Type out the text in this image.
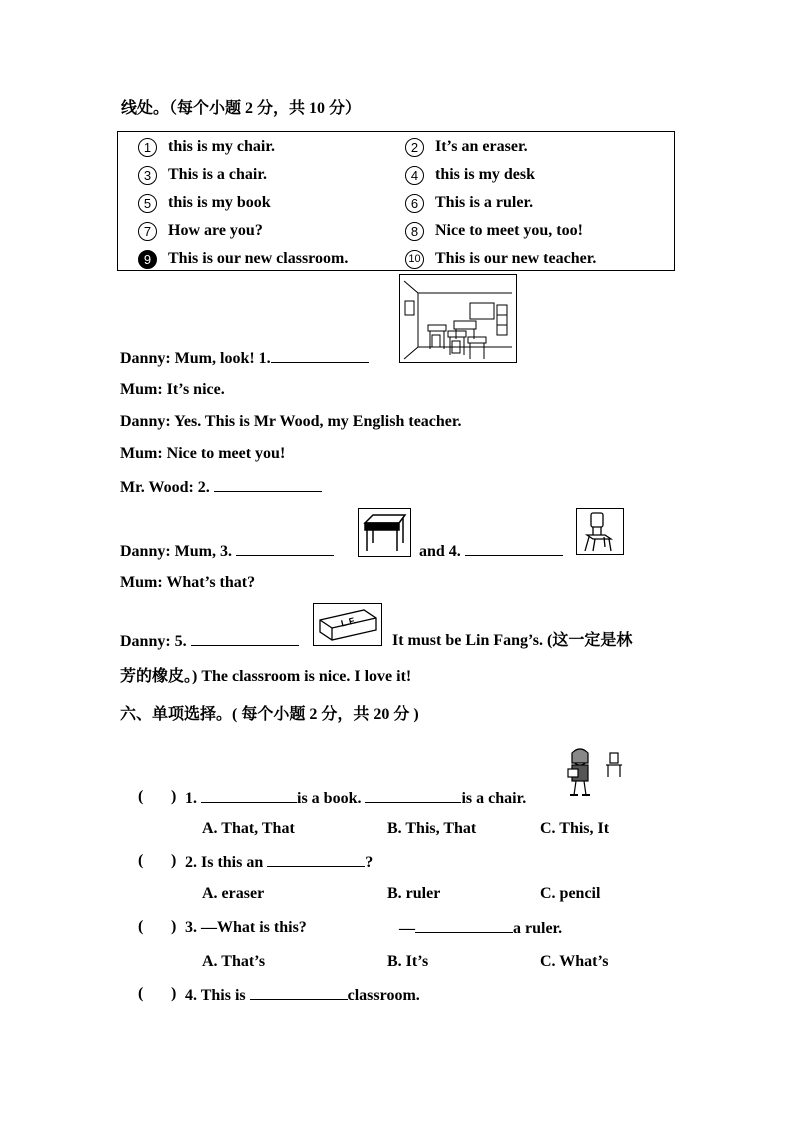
线处。（每个小题 2 分，共 10 分）
1 this is my chair.	2 It’s an eraser.
3 This is a chair.	4 this is my desk
5 this is my book	6 This is a ruler.
7 How are you?	8 Nice to meet you, too!
9 This is our new classroom.	10 This is our new teacher.
Danny: Mum, look! 1.
Mum: It’s nice.
Danny: Yes. This is Mr Wood, my English teacher.
Mum: Nice to meet you!
Mr. Wood: 2.
Danny: Mum, 3.	and 4.
Mum: What’s that?
L.F.
Danny: 5.	It must be Lin Fang’s. (这一定是林
芳的橡皮。) The classroom is nice. I love it!
六、单项选择。( 每个小题 2 分，共 20 分 )
( ) 1.	is a book.	is a chair.
A. That, That	B. This, That	C. This, It
( ) 2. Is this an	?
A. eraser	B. ruler	C. pencil
( ) 3. —What is this?	—	a ruler.
A. That’s	B. It’s	C. What’s
( ) 4. This is	classroom.
